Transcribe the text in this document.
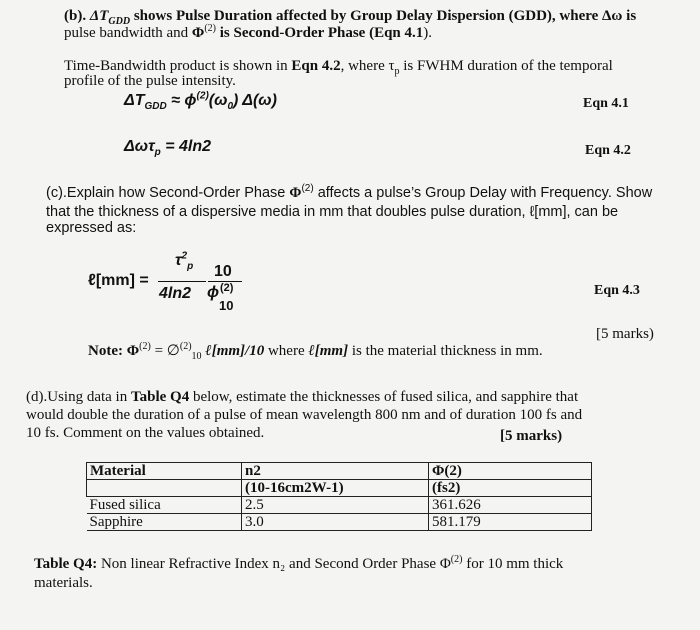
(b). $\Delta T_{GDD}$ shows Pulse Duration affected by Group Delay Dispersion (GDD), where Δω is
pulse bandwidth and $\Phi^{(2)}$ is Second-Order Phase (Eqn 4.1).
Time-Bandwidth product is shown in Eqn 4.2, where $\tau_p$ is FWHM duration of the temporal
profile of the pulse intensity.
$\Delta T_{GDD} \approx \phi^{(2)}(\omega_0)$ Δ(ω)	Eqn 4.1
Δωτ$_p$ = 4ln2	Eqn 4.2
(c).Explain how Second-Order Phase $\Phi^{(2)}$ affects a pulse’s Group Delay with Frequency. Show
that the thickness of a dispersive media in mm that doubles pulse duration, ℓ[mm], can be
expressed as:
ℓ[mm] =
$\tau^2_p$
4ln2
10
ϕ (2)
10
Eqn 4.3
[5 marks)
Note: $\Phi^{(2)}$ = ∅$^{(2)}_{10}$ ℓ[mm]/10 where ℓ[mm] is the material thickness in mm.
(d).Using data in Table Q4 below, estimate the thicknesses of fused silica, and sapphire that
would double the duration of a pulse of mean wavelength 800 nm and of duration 100 fs and
10 fs. Comment on the values obtained.	[5 marks)
Material	n2	Φ(2)
	(10-16cm2W-1)	(fs2)
Fused silica	2.5	361.626
Sapphire	3.0	581.179
Table Q4: Non linear Refractive Index n₂ and Second Order Phase $\Phi^{(2)}$ for 10 mm thick
materials.
